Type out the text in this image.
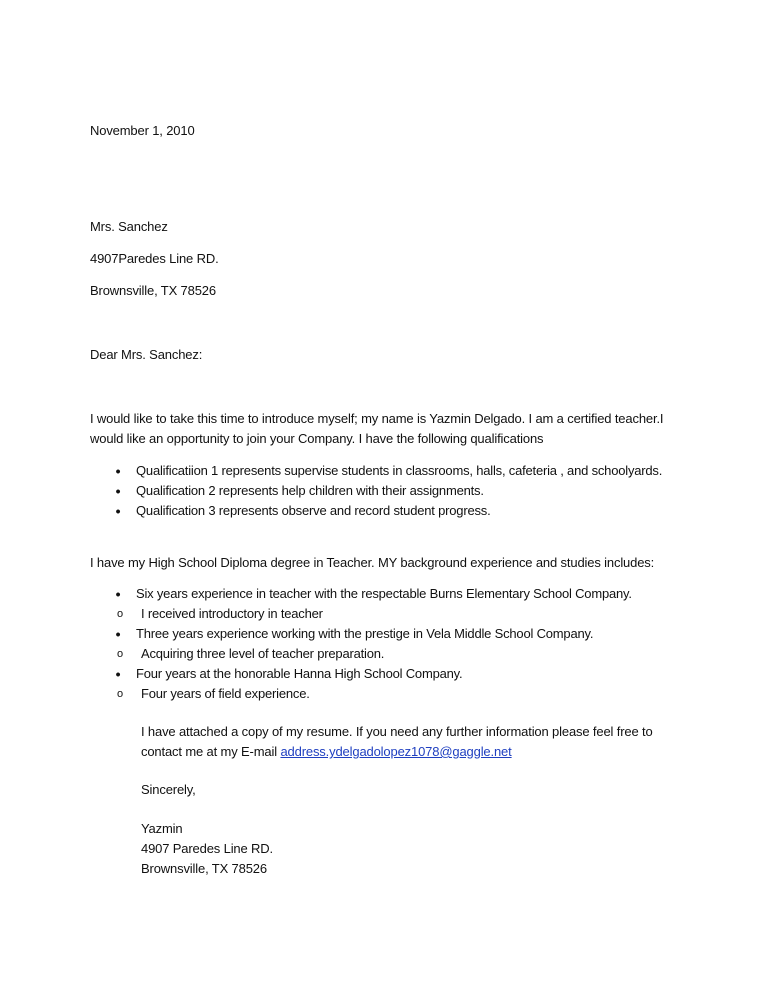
November 1, 2010
Mrs. Sanchez
4907Paredes Line RD.
Brownsville, TX 78526
Dear Mrs. Sanchez:
I would like to take this time to introduce myself; my name is Yazmin Delgado. I am a certified teacher.I
would like an opportunity to join your Company. I have the following qualifications
• Qualificatiion 1 represents supervise students in classrooms, halls, cafeteria , and schoolyards.
• Qualification 2 represents help children with their assignments.
• Qualification 3 represents observe and record student progress.
I have my High School Diploma degree in Teacher. MY background experience and studies includes:
• Six years experience in teacher with the respectable Burns Elementary School Company.
o I received introductory in teacher
• Three years experience working with the prestige in Vela Middle School Company.
o Acquiring three level of teacher preparation.
• Four years at the honorable Hanna High School Company.
o Four years of field experience.
I have attached a copy of my resume. If you need any further information please feel free to
contact me at my E-mail address.ydelgadolopez1078@gaggle.net
Sincerely,
Yazmin
4907 Paredes Line RD.
Brownsville, TX 78526
